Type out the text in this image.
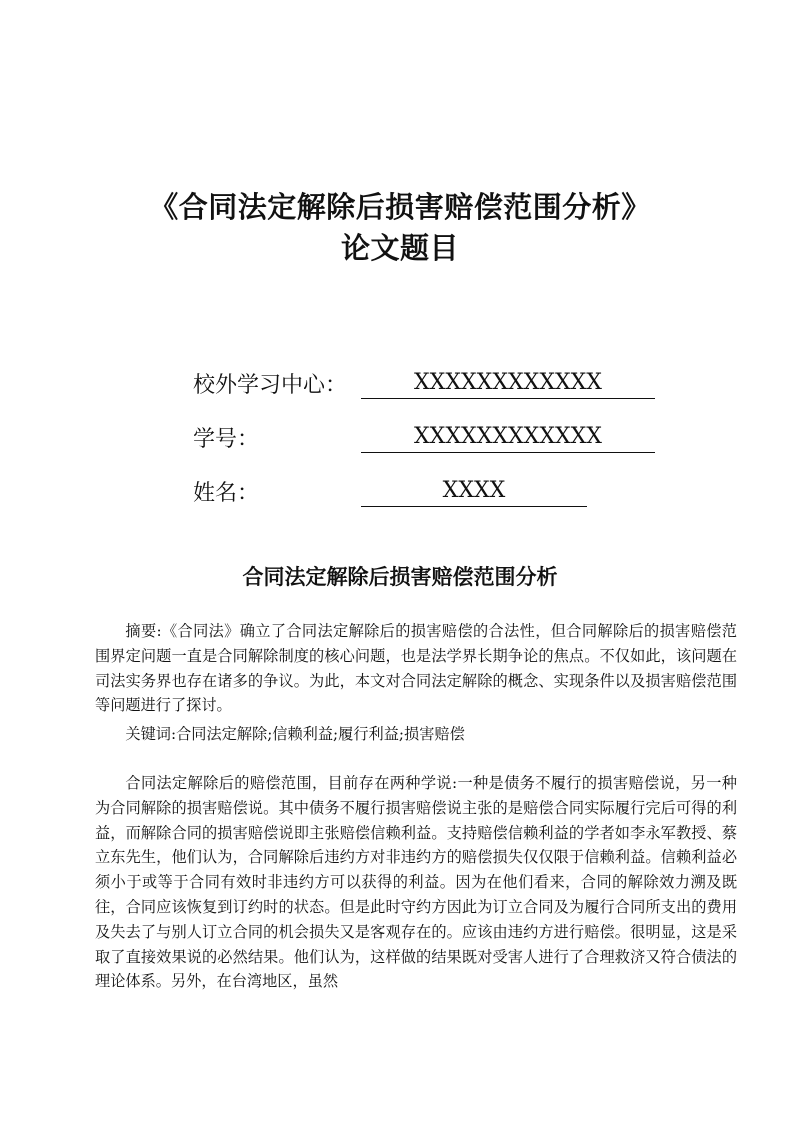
《合同法定解除后损害赔偿范围分析》
论文题目
校外学习中心：	XXXXXXXXXXXX
学号：	XXXXXXXXXXXX
姓名：	XXXX
合同法定解除后损害赔偿范围分析

摘要:《合同法》确立了合同法定解除后的损害赔偿的合法性，但合同解除后的损害赔偿范围界定问题一直是合同解除制度的核心问题，也是法学界长期争论的焦点。不仅如此，该问题在司法实务界也存在诸多的争议。为此，本文对合同法定解除的概念、实现条件以及损害赔偿范围等问题进行了探讨。

关键词:合同法定解除;信赖利益;履行利益;损害赔偿

合同法定解除后的赔偿范围，目前存在两种学说:一种是债务不履行的损害赔偿说，另一种为合同解除的损害赔偿说。其中债务不履行损害赔偿说主张的是赔偿合同实际履行完后可得的利益，而解除合同的损害赔偿说即主张赔偿信赖利益。支持赔偿信赖利益的学者如李永军教授、蔡立东先生，他们认为，合同解除后违约方对非违约方的赔偿损失仅仅限于信赖利益。信赖利益必须小于或等于合同有效时非违约方可以获得的利益。因为在他们看来，合同的解除效力溯及既往，合同应该恢复到订约时的状态。但是此时守约方因此为订立合同及为履行合同所支出的费用及失去了与别人订立合同的机会损失又是客观存在的。应该由违约方进行赔偿。很明显，这是采取了直接效果说的必然结果。他们认为，这样做的结果既对受害人进行了合理救济又符合债法的理论体系。另外，在台湾地区，虽然
